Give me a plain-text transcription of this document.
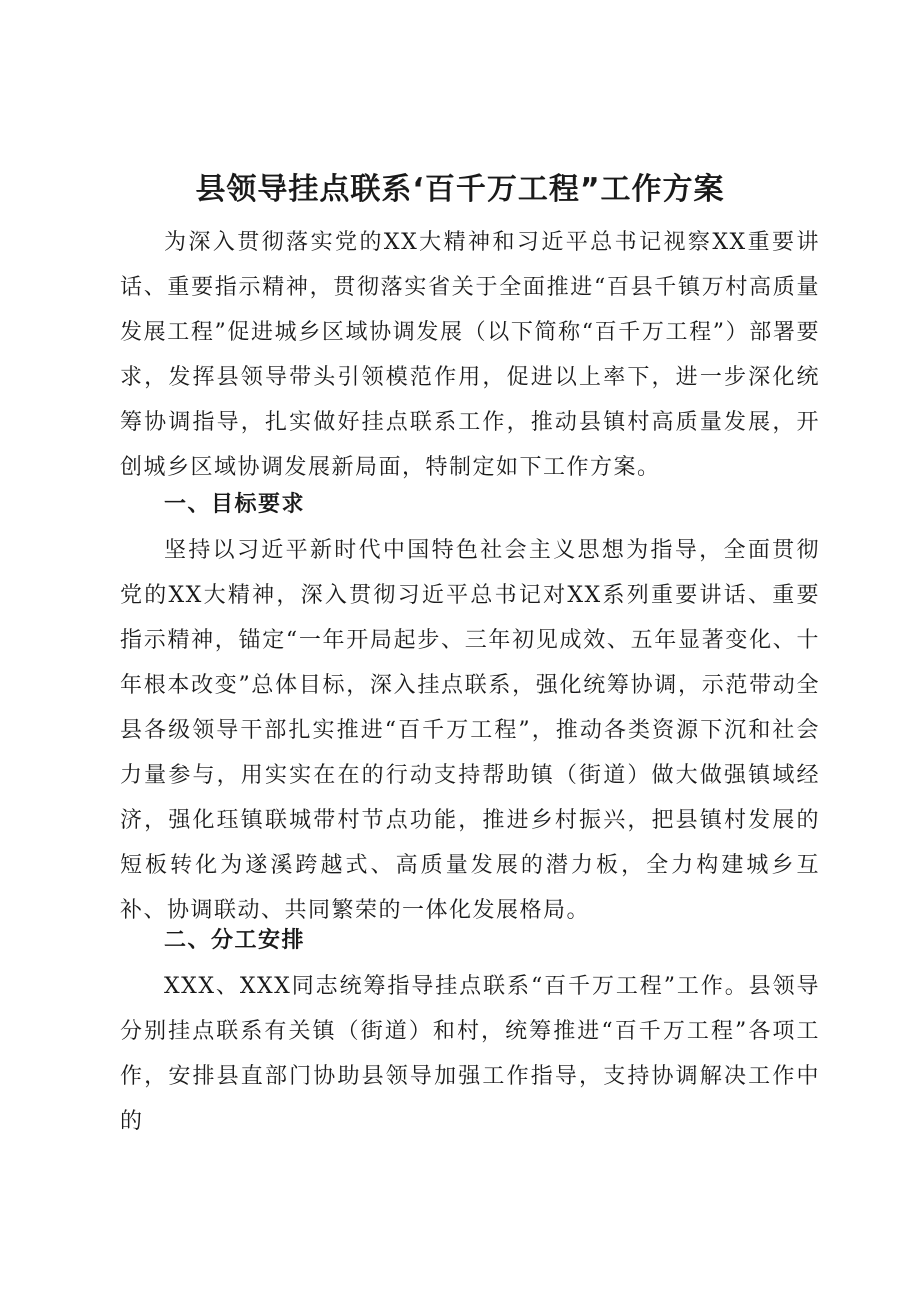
县领导挂点联系‘百千万工程”工作方案

为深入贯彻落实党的XX大精神和习近平总书记视察XX重要讲话、重要指示精神，贯彻落实省关于全面推进“百县千镇万村高质量发展工程”促进城乡区域协调发展（以下简称“百千万工程”）部署要求，发挥县领导带头引领模范作用，促进以上率下，进一步深化统筹协调指导，扎实做好挂点联系工作，推动县镇村高质量发展，开创城乡区域协调发展新局面，特制定如下工作方案。

一、目标要求

坚持以习近平新时代中国特色社会主义思想为指导，全面贯彻党的XX大精神，深入贯彻习近平总书记对XX系列重要讲话、重要指示精神，锚定“一年开局起步、三年初见成效、五年显著变化、十年根本改变”总体目标，深入挂点联系，强化统筹协调，示范带动全县各级领导干部扎实推进“百千万工程”，推动各类资源下沉和社会力量参与，用实实在在的行动支持帮助镇（街道）做大做强镇域经济，强化珏镇联城带村节点功能，推进乡村振兴，把县镇村发展的短板转化为遂溪跨越式、高质量发展的潜力板，全力构建城乡互补、协调联动、共同繁荣的一体化发展格局。

二、分工安排

XXX、XXX同志统筹指导挂点联系“百千万工程”工作。县领导分别挂点联系有关镇（街道）和村，统筹推进“百千万工程”各项工作，安排县直部门协助县领导加强工作指导，支持协调解决工作中的
